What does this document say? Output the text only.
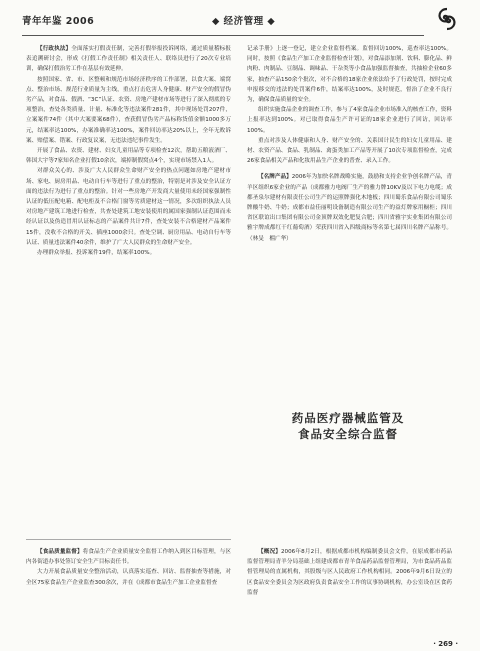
青年年鉴 2006	◆ 经济管理 ◆

【行政执法】全面落实打假责任制，完善打假举报投诉网络，通过质量稽标报表追溯研讨会，形成《打假工作责任制》相关责任人、联络员进行了20次专业培训，确保打假治劣工作在基层有效延伸。

按照国家、省、市、区整顿和规范市场经济秩序的工作部署，以食大案、端窝点、整治市场、规范行业质量为主线，重点打击危害人身健康、财产安全的假冒伪劣产品，对食品、假酒、“3C”认证、农资、房地产建材市场等进行了深入彻底的专项整治，查处各类质量、计量、标准化等违法案件281件，其中现场处罚207件，立案案件74件（其中大案要案68件），查获假冒伪劣产品标称货值金额1000多万元，结案率达100%，办案准确率达100%，案件回访率达20%以上，全年无败诉案、赔偿案、错案、行政复议案，无违法违纪事件发生。

开展了食品、农资、建材、妇女儿童用品等专项检查12次，帮助五粮液酒厂、韩国大宇等7家知名企业打假10余次，端掉制假窝点4个，实现市场禁入1人。

对群众关心的、涉及广大人民群众生命财产安全的热点问题如房地产建材市场、家电、厨房用品、电动自行车等进行了重点的整治，特别是对涉及安全认证方面的违法行为进行了重点的整治。针对一些房地产开发商大量使用未经国家强制性认证的低压配电箱、配电柜及不合格门窗等劣质建材这一情况，多次组织执法人员对房地产建筑工地进行检查，共查处建筑工地安装使用的属国家强制认证范围而未经认证以及伪造冒用认证标志的产品案件共计7件，查处安装不合格建材产品案件15件，没收不合格的开关、插座1000余只。查处空调、厨房用品、电动自行车等认证、质量违法案件40余件，维护了广大人民群众的生命财产安全。

办理群众举报、投诉案件19件，结案率100%。

【食品质量监督】将食品生产企业质量安全监督工作纳入到区目标管理，与区内各街道办事处签订安全生产目标责任书。

大力开展食品质量安全整治活动，认真落实巡查、回访、监督抽查等措施，对全区75家食品生产企业监查300余次，并在《成都市食品生产加工企业监督查

记录手册》上逐一登记，建立企业监督档案。监督回访100%，巡查率达100%。同时，按照《食品生产加工企业监督检查计划》，对食品添加剂、饮料、膨化品、鲜肉粉、肉制品、豆制品、调味品、干杂类等小食品加强监督抽查，共抽检企业60多家，抽查产品150余个批次，对不合格的18家企业依法给予了行政处罚，按时完成申报移交的违法的处罚案件6件，结案率达100%，及时规范，督治了企业不良行为，确保食品质量的安全。

组织实施食品企业的调查工作，参与了4家食品企业市场准入的核查工作，资料上报率达到100%。对已取得食品生产许可证的18家企业进行了回访，回访率100%。

重点对涉及人体健康和人身、财产安全的、关系国计民生的妇女儿童用品、建材、农资产品、食品、乳制品、禽蛋类加工产品等开展了10次专项监督检查，完成26家食品相关产品和化妆用品生产企业的普查、录入工作。

【名牌产品】2006年为加快名牌战略实施，鼓励和支持企业争创名牌产品，青羊区组织6家企业的产品（成都雅力电阀厂生产的雅力牌10KV及以下电力电缆；成都圣泉尔建材有限责任公司生产的运照牌强化木地板；四川蜀乐食品有限公司蜀乐牌酸牛奶、牛奶；成都市益佳丽明设备制造有限公司生产的益灯牌家用橱柜；四川省区联谊出口集团有限公司金顶牌双效化肥复合肥；四川省雅宇实业集团有限公司雅宇牌成都红干红葡萄酒）荣获四川省入四级商标等名第七届四川名牌产品称号。（林旻　榴广华）

药品医疗器械监管及
食品安全综合监督

【概况】2006年8月2日，根据成都市机构编制委员会文件，在原成都市药品监督管理局青羊分局基础上组建成都市青羊食品药品监督管理局，为市食品药品监督管理局的直属机构，其股级与区人民政府工作机构相同。2006年9月6日设立的区食品安全委员会为区政府负责食品安全工作的议事协调机构，办公室设在区食药监督

· 269 ·
